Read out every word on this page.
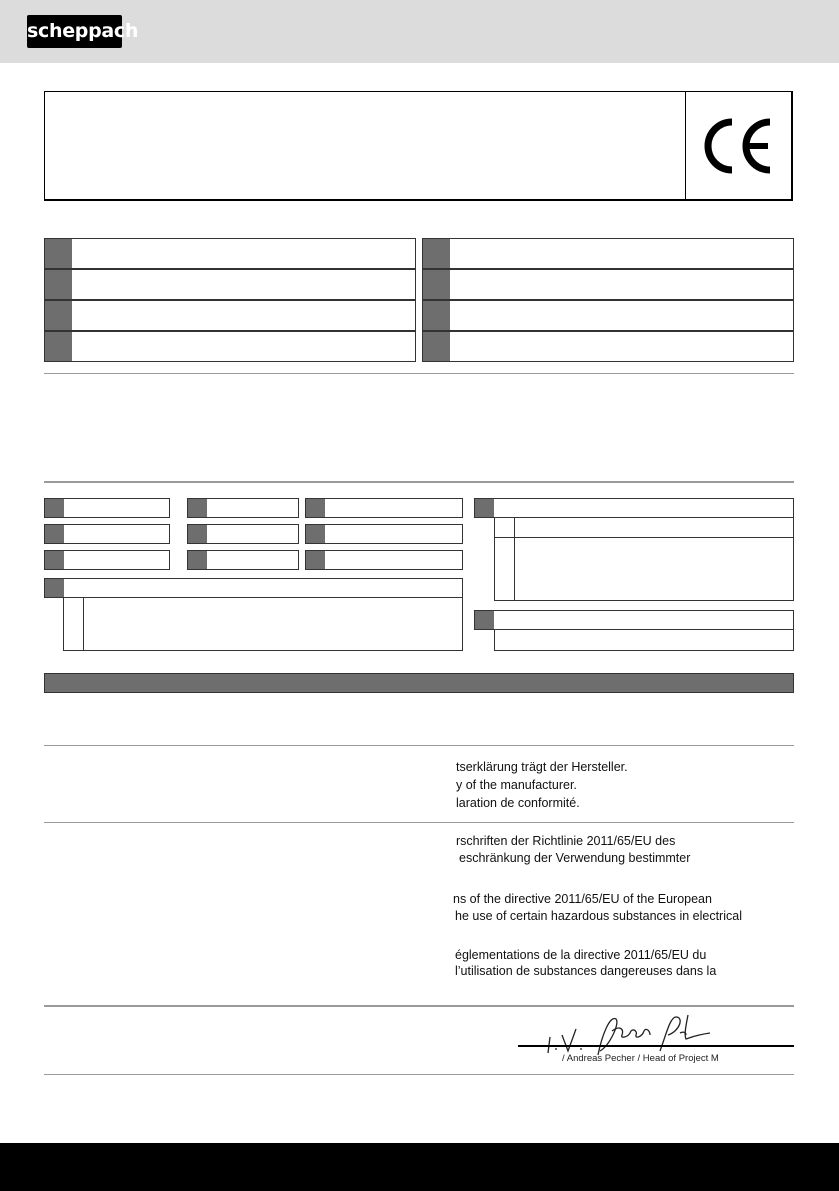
scheppach
tserklärung trägt der Hersteller.
y of the manufacturer.
laration de conformité.
rschriften der Richtlinie 2011/65/EU des
eschränkung der Verwendung bestimmter
ns of the directive 2011/65/EU of the European
he use of certain hazardous substances in electrical
églementations de la directive 2011/65/EU du
l’utilisation de substances dangereuses dans la
/ Andreas Pecher / Head of Project M
